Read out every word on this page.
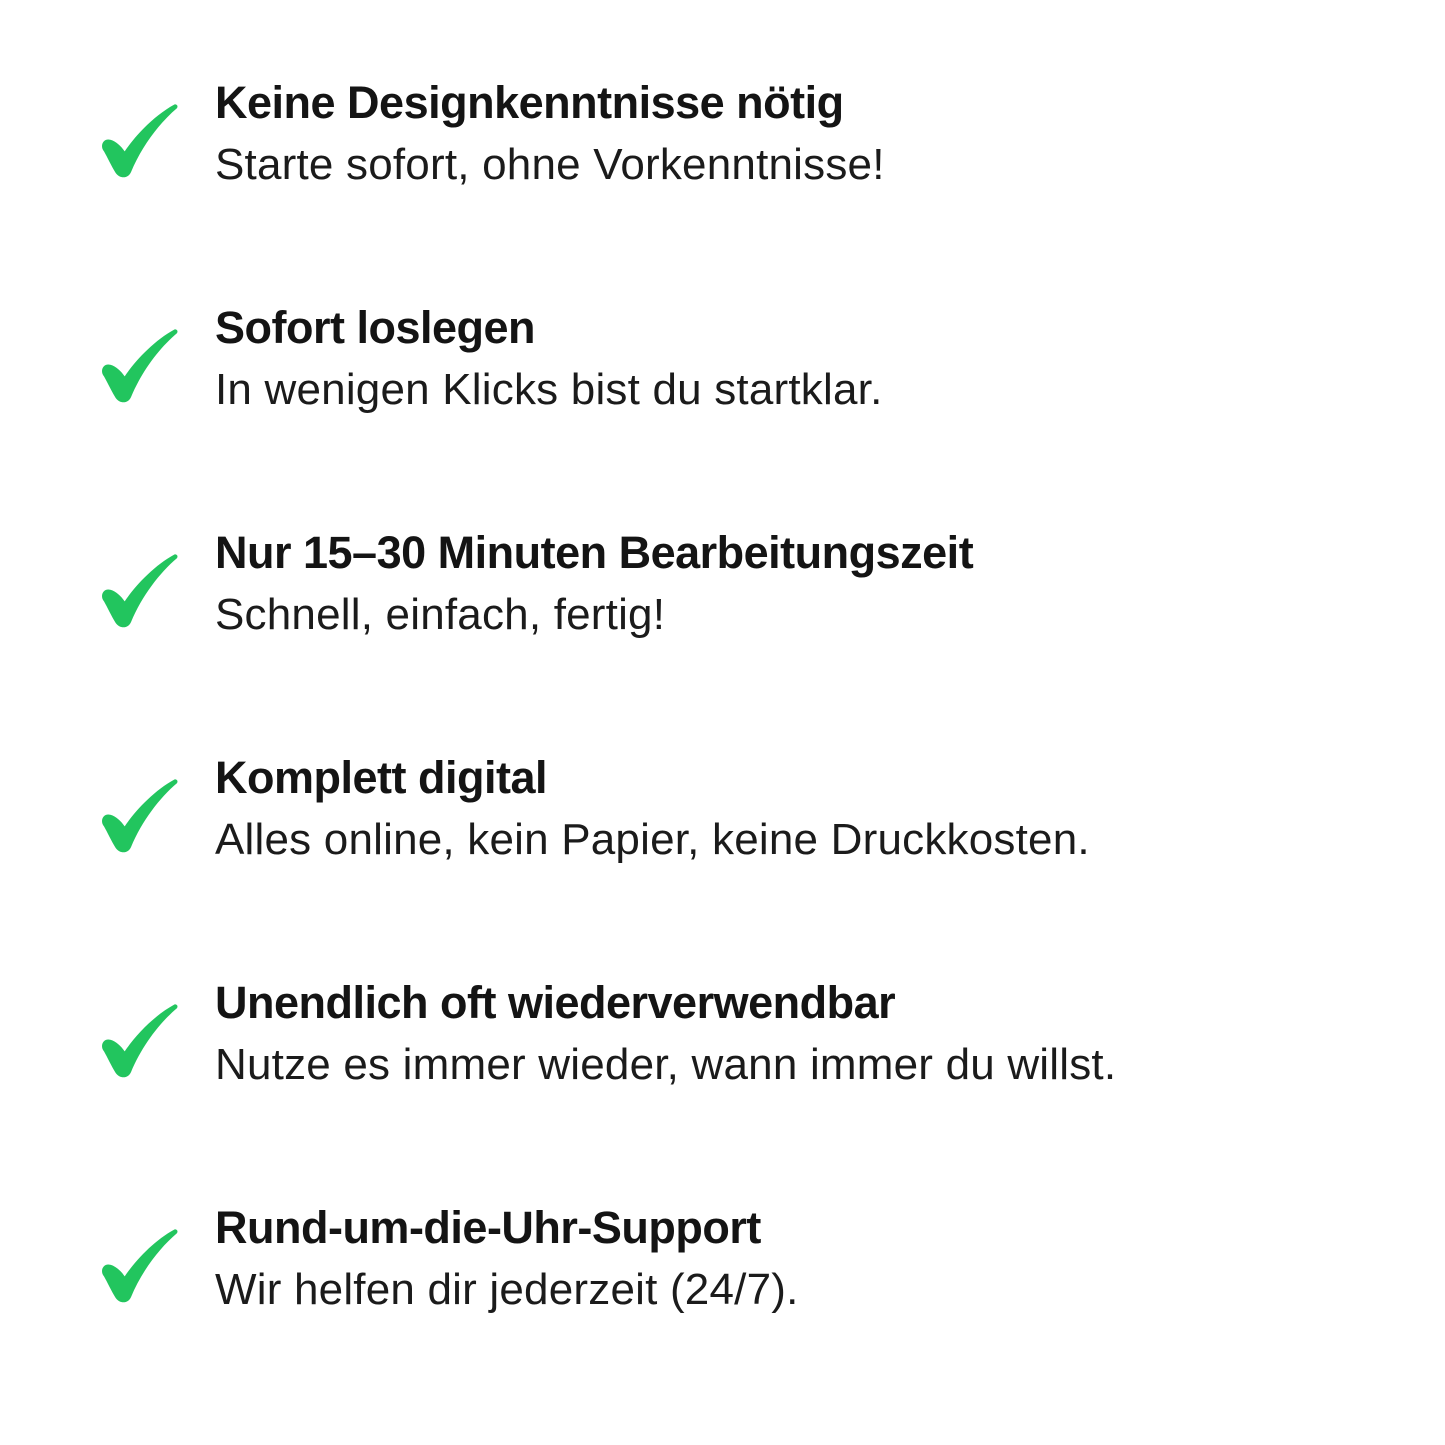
Keine Designkenntnisse nötig
Starte sofort, ohne Vorkenntnisse!
Sofort loslegen
In wenigen Klicks bist du startklar.
Nur 15–30 Minuten Bearbeitungszeit
Schnell, einfach, fertig!
Komplett digital
Alles online, kein Papier, keine Druckkosten.
Unendlich oft wiederverwendbar
Nutze es immer wieder, wann immer du willst.
Rund-um-die-Uhr-Support
Wir helfen dir jederzeit (24/7).
